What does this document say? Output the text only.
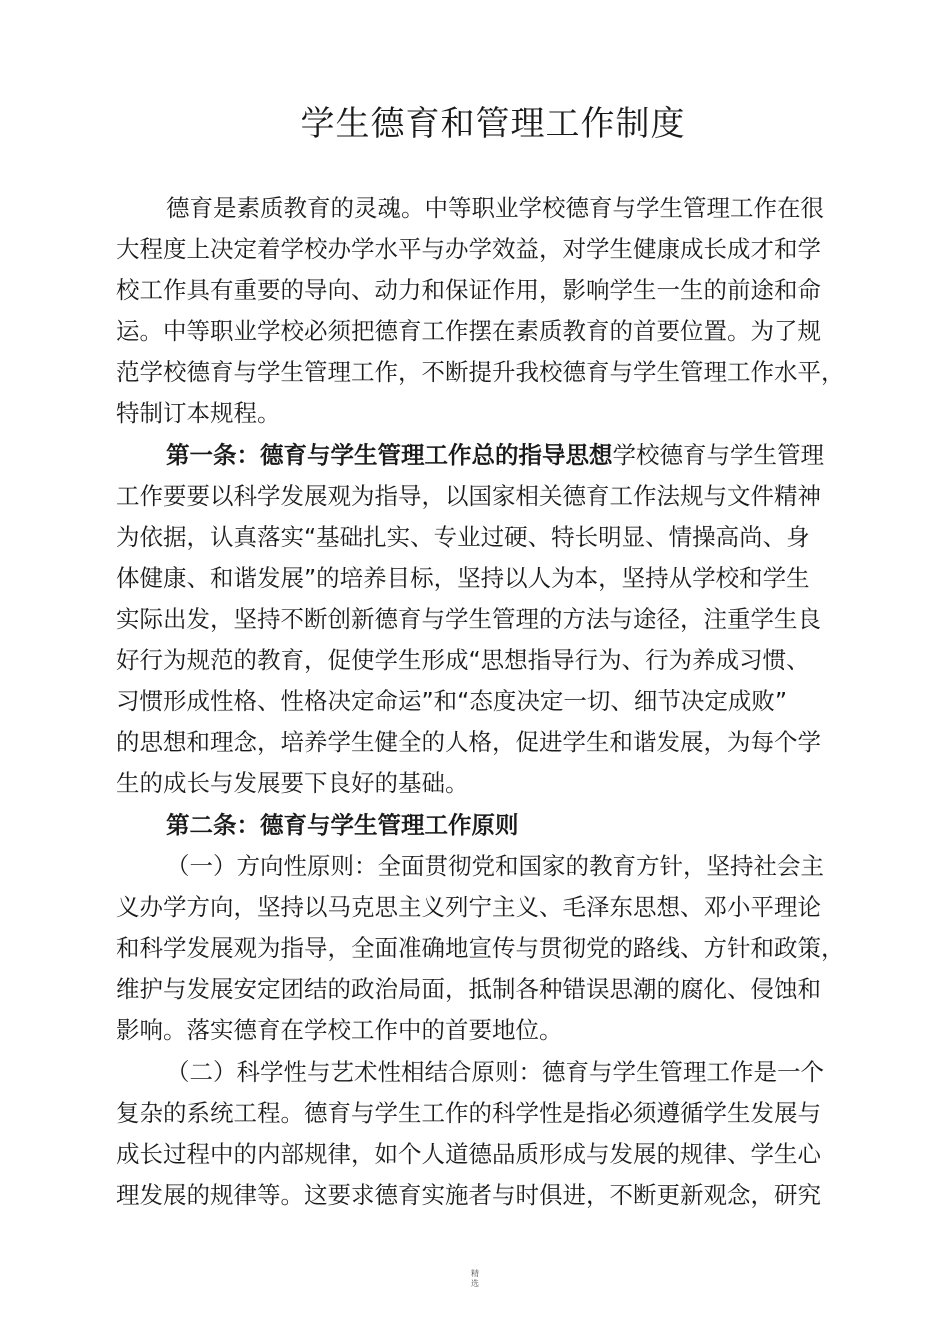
学生德育和管理工作制度
德育是素质教育的灵魂。中等职业学校德育与学生管理工作在很
大程度上决定着学校办学水平与办学效益，对学生健康成长成才和学
校工作具有重要的导向、动力和保证作用，影响学生一生的前途和命
运。中等职业学校必须把德育工作摆在素质教育的首要位置。为了规
范学校德育与学生管理工作，不断提升我校德育与学生管理工作水平，
特制订本规程。
第一条：德育与学生管理工作总的指导思想学校德育与学生管理
工作要要以科学发展观为指导，以国家相关德育工作法规与文件精神
为依据，认真落实“基础扎实、专业过硬、特长明显、情操高尚、身
体健康、和谐发展”的培养目标，坚持以人为本，坚持从学校和学生
实际出发，坚持不断创新德育与学生管理的方法与途径，注重学生良
好行为规范的教育，促使学生形成“思想指导行为、行为养成习惯、
习惯形成性格、性格决定命运”和“态度决定一切、细节决定成败”
的思想和理念，培养学生健全的人格，促进学生和谐发展，为每个学
生的成长与发展要下良好的基础。
第二条：德育与学生管理工作原则
（一）方向性原则：全面贯彻党和国家的教育方针，坚持社会主
义办学方向，坚持以马克思主义列宁主义、毛泽东思想、邓小平理论
和科学发展观为指导，全面准确地宣传与贯彻党的路线、方针和政策，
维护与发展安定团结的政治局面，抵制各种错误思潮的腐化、侵蚀和
影响。落实德育在学校工作中的首要地位。
（二）科学性与艺术性相结合原则：德育与学生管理工作是一个
复杂的系统工程。德育与学生工作的科学性是指必须遵循学生发展与
成长过程中的内部规律，如个人道德品质形成与发展的规律、学生心
理发展的规律等。这要求德育实施者与时俱进，不断更新观念，研究
精
选
